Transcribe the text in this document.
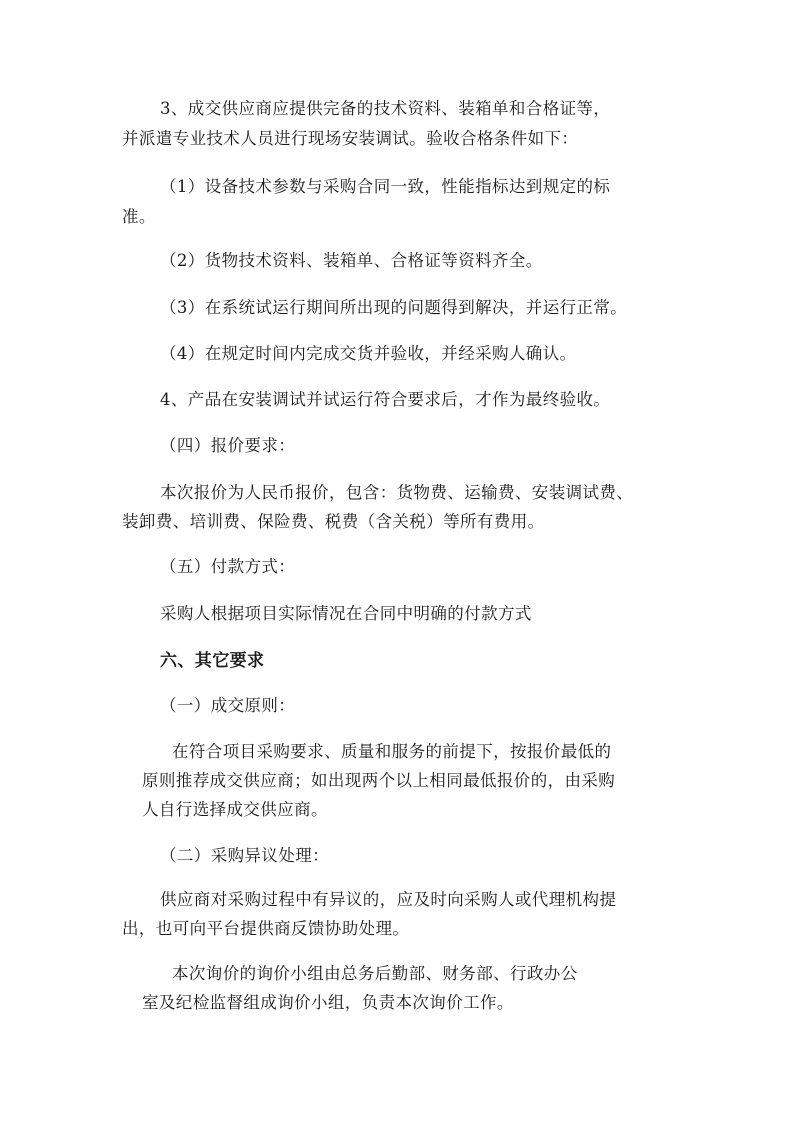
3、成交供应商应提供完备的技术资料、装箱单和合格证等，

并派遣专业技术人员进行现场安装调试。验收合格条件如下：

（1）设备技术参数与采购合同一致，性能指标达到规定的标

准。

（2）货物技术资料、装箱单、合格证等资料齐全。

（3）在系统试运行期间所出现的问题得到解决，并运行正常。

（4）在规定时间内完成交货并验收，并经采购人确认。

4、产品在安装调试并试运行符合要求后，才作为最终验收。

（四）报价要求：

本次报价为人民币报价，包含：货物费、运输费、安装调试费、

装卸费、培训费、保险费、税费（含关税）等所有费用。

（五）付款方式：

采购人根据项目实际情况在合同中明确的付款方式

六、其它要求

（一）成交原则：

在符合项目采购要求、质量和服务的前提下，按报价最低的

原则推荐成交供应商；如出现两个以上相同最低报价的，由采购

人自行选择成交供应商。

（二）采购异议处理：

供应商对采购过程中有异议的，应及时向采购人或代理机构提

出，也可向平台提供商反馈协助处理。

本次询价的询价小组由总务后勤部、财务部、行政办公

室及纪检监督组成询价小组，负责本次询价工作。
